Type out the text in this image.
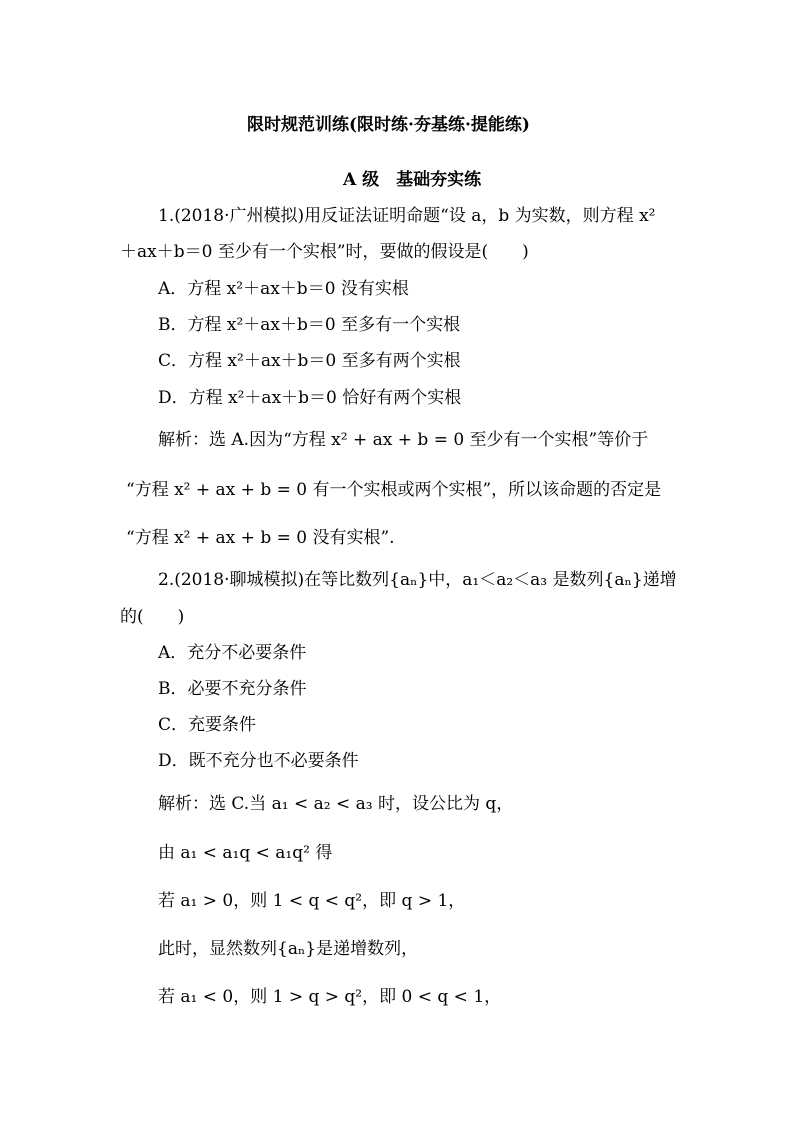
限时规范训练(限时练·夯基练·提能练)
A 级　基础夯实练
1.(2018·广州模拟)用反证法证明命题“设 a，b 为实数，则方程 x²
＋ax＋b＝0 至少有一个实根”时，要做的假设是(　　)
A．方程 x²＋ax＋b＝0 没有实根
B．方程 x²＋ax＋b＝0 至多有一个实根
C．方程 x²＋ax＋b＝0 至多有两个实根
D．方程 x²＋ax＋b＝0 恰好有两个实根
解析：选 A.因为“方程 x² + ax + b = 0 至少有一个实根”等价于
“方程 x² + ax + b = 0 有一个实根或两个实根”，所以该命题的否定是
“方程 x² + ax + b = 0 没有实根”.
2.(2018·聊城模拟)在等比数列{aₙ}中，a₁＜a₂＜a₃ 是数列{aₙ}递增
的(　　)
A．充分不必要条件
B．必要不充分条件
C．充要条件
D．既不充分也不必要条件
解析：选 C.当 a₁ < a₂ < a₃ 时，设公比为 q，
由 a₁ < a₁q < a₁q² 得
若 a₁ > 0，则 1 < q < q²，即 q > 1，
此时，显然数列{aₙ}是递增数列，
若 a₁ < 0，则 1 > q > q²，即 0 < q < 1，
